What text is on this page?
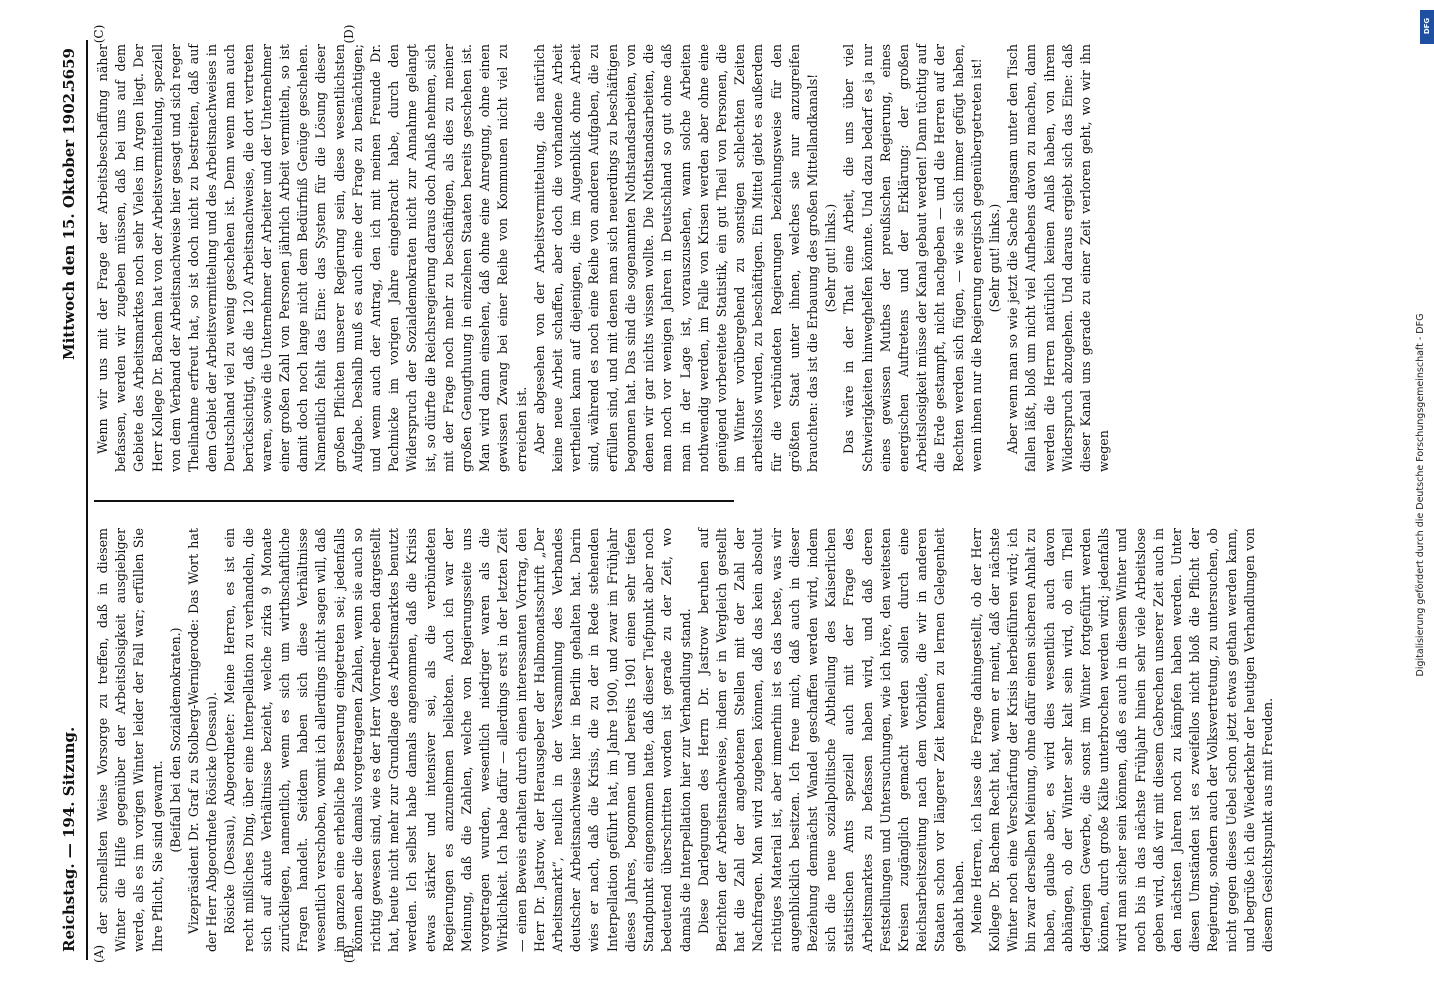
Reichstag. — 194. Sitzung.
Mittwoch den 15. Oktober 1902.
5659
(A)	(B)

der schnellsten Weise Vorsorge zu treffen, daß in diesem Winter die Hilfe gegenüber der Arbeitslosigkeit ausgiebiger werde, als es im vorigen Winter leider der Fall war; erfüllen Sie Ihre Pflicht, Sie sind gewarnt.

(Beifall bei den Sozialdemokraten.) Vizepräsident Dr. Graf zu Stolberg-Wernigerode: Das Wort hat der Herr Abgeordnete Rösicke (Dessau). Rösicke (Dessau), Abgeordneter: Meine Herren, es ist ein recht mißliches Ding, über eine Interpellation zu verhandeln, die sich auf akute Verhältnisse bezieht, welche zirka 9 Monate zurückliegen, namentlich, wenn es sich um wirthschaftliche Fragen handelt. Seitdem haben sich diese Verhältnisse wesentlich verschoben, womit ich allerdings nicht sagen will, daß im ganzen eine erhebliche Besserung eingetreten sei; jedenfalls können aber die damals vorgetragenen Zahlen, wenn sie auch so richtig gewesen sind, wie es der Herr Vorredner eben dargestellt hat, heute nicht mehr zur Grundlage des Arbeitsmarktes benutzt werden. Ich selbst habe damals angenommen, daß die Krisis etwas stärker und intensiver sei, als die verbündeten Regierungen es anzunehmen beliebten. Auch ich war der Meinung, daß die Zahlen, welche von Regierungsseite uns vorgetragen wurden, wesentlich niedriger waren als die Wirklichkeit. Ich habe dafür — allerdings erst in der letzten Zeit — einen Beweis erhalten durch einen interessanten Vortrag, den Herr Dr. Jastrow, der Herausgeber der Halbmonatsschrift „Der Arbeitsmarkt“, neulich in der Versammlung des Verbandes deutscher Arbeitsnachweise hier in Berlin gehalten hat. Darin wies er nach, daß die Krisis, die zu der in Rede stehenden Interpellation geführt hat, im Jahre 1900, und zwar im Frühjahr dieses Jahres, begonnen und bereits 1901 einen sehr tiefen Standpunkt eingenommen hatte, daß dieser Tiefpunkt aber noch bedeutend überschritten worden ist gerade zu der Zeit, wo damals die Interpellation hier zur Verhandlung stand. Diese Darlegungen des Herrn Dr. Jastrow beruhen auf Berichten der Arbeitsnachweise, indem er in Vergleich gestellt hat die Zahl der angebotenen Stellen mit der Zahl der Nachfragen. Man wird zugeben können, daß das kein absolut richtiges Material ist, aber immerhin ist es das beste, was wir augenblicklich besitzen. Ich freue mich, daß auch in dieser Beziehung demnächst Wandel geschaffen werden wird, indem sich die neue sozialpolitische Abtheilung des Kaiserlichen statistischen Amts speziell auch mit der Frage des Arbeitsmarktes zu befassen haben wird, und daß deren Feststellungen und Untersuchungen, wie ich höre, den weitesten Kreisen zugänglich gemacht werden sollen durch eine Reichsarbeitszeitung nach dem Vorbilde, die wir in anderen Staaten schon vor längerer Zeit kennen zu lernen Gelegenheit gehabt haben. Meine Herren, ich lasse die Frage dahingestellt, ob der Herr Kollege Dr. Bachem Recht hat, wenn er meint, daß der nächste Winter noch eine Verschärfung der Krisis herbeiführen wird; ich bin zwar derselben Meinung, ohne dafür einen sicheren Anhalt zu haben, glaube aber, es wird dies wesentlich auch davon abhängen, ob der Winter sehr kalt sein wird, ob ein Theil derjenigen Gewerbe, die sonst im Winter fortgeführt werden können, durch große Kälte unterbrochen werden wird; jedenfalls wird man sicher sein können, daß es auch in diesem Winter und noch bis in das nächste Frühjahr hinein sehr viele Arbeitslose geben wird, daß wir mit diesem Gebrechen unserer Zeit auch in den nächsten Jahren noch zu kämpfen haben werden. Unter diesen Umständen ist es zweifellos nicht bloß die Pflicht der Regierung, sondern auch der Volksvertretung, zu untersuchen, ob nicht gegen dieses Uebel schon jetzt etwas gethan werden kann, und begrüße ich die Wiederkehr der heutigen Verhandlungen von diesem Gesichtspunkt aus mit Freuden.

Wenn wir uns mit der Frage der Arbeitsbeschaffung näher befassen, werden wir zugeben müssen, daß bei uns auf dem Gebiete des Arbeitsmarktes noch sehr Vieles im Argen liegt. Der Herr Kollege Dr. Bachem hat von der Arbeitsvermittelung, speziell von dem Verband der Arbeitsnachweise hier gesagt und sich reger Theilnahme erfreut hat, so ist doch nicht zu bestreiten, daß auf dem Gebiet der Arbeitsvermittelung und des Arbeitsnachweises in Deutschland viel zu wenig geschehen ist. Denn wenn man auch berücksichtigt, daß die 120 Arbeitsnachweise, die dort vertreten waren, sowie die Unternehmer der Arbeiter und der Unternehmer einer großen Zahl von Personen jährlich Arbeit vermitteln, so ist damit doch noch lange nicht dem Bedürfniß Genüge geschehen. Namentlich fehlt das Eine: das System für die Lösung dieser großen Pflichten unserer Regierung sein, diese wesentlichsten Aufgabe. Deshalb muß es auch eine der Frage zu bemächtigen; und wenn auch der Antrag, den ich mit meinen Freunde Dr. Pachnicke im vorigen Jahre eingebracht habe, durch den Widerspruch der Sozialdemokraten nicht zur Annahme gelangt ist, so dürfte die Reichsregierung daraus doch Anlaß nehmen, sich mit der Frage noch mehr zu beschäftigen, als dies zu meiner großen Genugthuung in einzelnen Staaten bereits geschehen ist. Man wird dann einsehen, daß ohne eine Anregung, ohne einen gewissen Zwang bei einer Reihe von Kommunen nicht viel zu erreichen ist. Aber abgesehen von der Arbeitsvermittelung, die natürlich keine neue Arbeit schaffen, aber doch die vorhandene Arbeit vertheilen kann auf diejenigen, die im Augenblick ohne Arbeit sind, während es noch eine Reihe von anderen Aufgaben, die zu erfüllen sind, und mit denen man sich neuerdings zu beschäftigen begonnen hat. Das sind die sogenannten Nothstandsarbeiten, von denen wir gar nichts wissen wollte. Die Nothstandsarbeiten, die man noch vor wenigen Jahren in Deutschland so gut ohne daß man in der Lage ist, vorauszusehen, wann solche Arbeiten nothwendig werden, im Falle von Krisen werden aber ohne eine genügend vorbereitete Statistik, ein gut Theil von Personen, die im Winter vorübergehend zu sonstigen schlechten Zeiten arbeitslos wurden, zu beschäftigen. Ein Mittel giebt es außerdem für die verbündeten Regierungen beziehungsweise für den größten Staat unter ihnen, welches sie nur anzugreifen brauchten: das ist die Erbauung des großen Mittellandkanals! (Sehr gut! links.) Das wäre in der That eine Arbeit, die uns über viel Schwierigkeiten hinweghelfen könnte. Und dazu bedarf es ja nur eines gewissen Muthes der preußischen Regierung, eines energischen Auftretens und der Erklärung: der großen Arbeitslosigkeit müsse der Kanal gebaut werden! Dann tüchtig auf die Erde gestampft, nicht nachgeben — und die Herren auf der Rechten werden sich fügen, — wie sie sich immer gefügt haben, wenn ihnen nur die Regierung energisch gegenübergetreten ist! (Sehr gut! links.) Aber wenn man so wie jetzt die Sache langsam unter den Tisch fallen läßt, bloß um nicht viel Aufhebens davon zu machen, dann werden die Herren natürlich keinen Anlaß haben, von ihrem Widerspruch abzugehen. Und daraus ergiebt sich das Eine: daß dieser Kanal uns gerade zu einer Zeit verloren geht, wo wir ihn wegen

(C)	(D)	DFG
Digitalisierung gefördert durch die Deutsche Forschungsgemeinschaft - DFG
